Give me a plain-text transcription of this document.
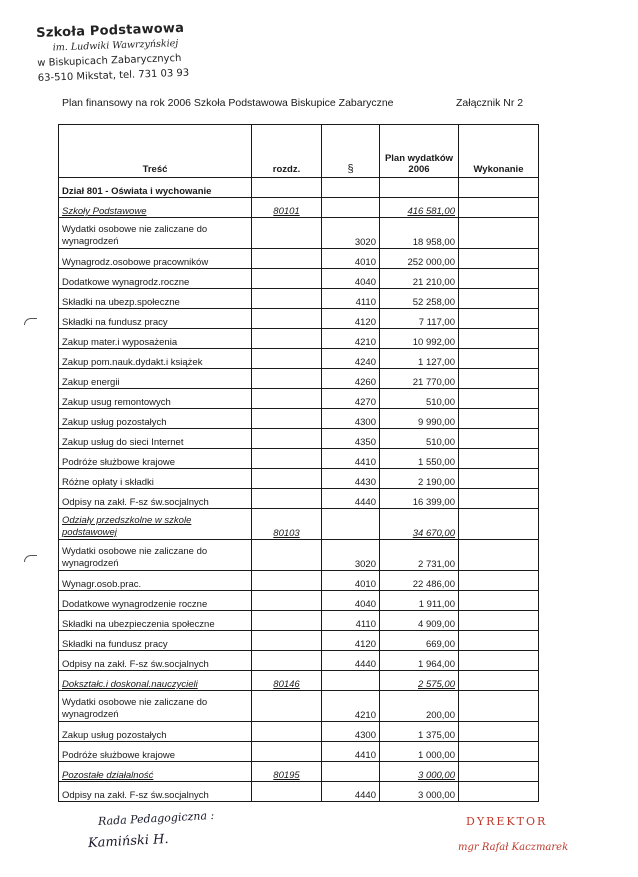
Szkoła Podstawowa
im. Ludwiki Wawrzyńskiej
w Biskupicach Zabarycznych
63-510 Mikstat, tel. 731 03 93
Plan finansowy na rok 2006 Szkoła Podstawowa Biskupice Zabaryczne	Załącznik Nr 2
Treść	rozdz.	§	Plan wydatków 2006	Wykonanie
Dział 801 - Oświata i wychowanie				
Szkoły Podstawowe	80101		416 581,00	
Wydatki osobowe nie zaliczane do wynagrodzeń		3020	18 958,00	
Wynagrodz.osobowe pracowników		4010	252 000,00	
Dodatkowe wynagrodz.roczne		4040	21 210,00	
Składki na ubezp.społeczne		4110	52 258,00	
Składki na fundusz pracy		4120	7 117,00	
Zakup mater.i wyposażenia		4210	10 992,00	
Zakup pom.nauk.dydakt.i książek		4240	1 127,00	
Zakup energii		4260	21 770,00	
Zakup usug remontowych		4270	510,00	
Zakup usług pozostałych		4300	9 990,00	
Zakup usług do sieci Internet		4350	510,00	
Podróże służbowe krajowe		4410	1 550,00	
Różne opłaty i składki		4430	2 190,00	
Odpisy na zakł. F-sz św.socjalnych		4440	16 399,00	
Odziały przedszkolne w szkole podstawowej	80103		34 670,00	
Wydatki osobowe nie zaliczane do wynagrodzeń		3020	2 731,00	
Wynagr.osob.prac.		4010	22 486,00	
Dodatkowe wynagrodzenie roczne		4040	1 911,00	
Składki na ubezpieczenia społeczne		4110	4 909,00	
Składki na fundusz pracy		4120	669,00	
Odpisy na zakł. F-sz św.socjalnych		4440	1 964,00	
Dokształc.i doskonal.nauczycieli	80146		2 575,00	
Wydatki osobowe nie zaliczane do wynagrodzeń		4210	200,00	
Zakup usług pozostałych		4300	1 375,00	
Podróże służbowe krajowe		4410	1 000,00	
Pozostałe działalność	80195		3 000,00	
Odpisy na zakł. F-sz św.socjalnych		4440	3 000,00	
Rada Pedagogiczna :
Kamiński H.
DYREKTOR
mgr Rafał Kaczmarek
